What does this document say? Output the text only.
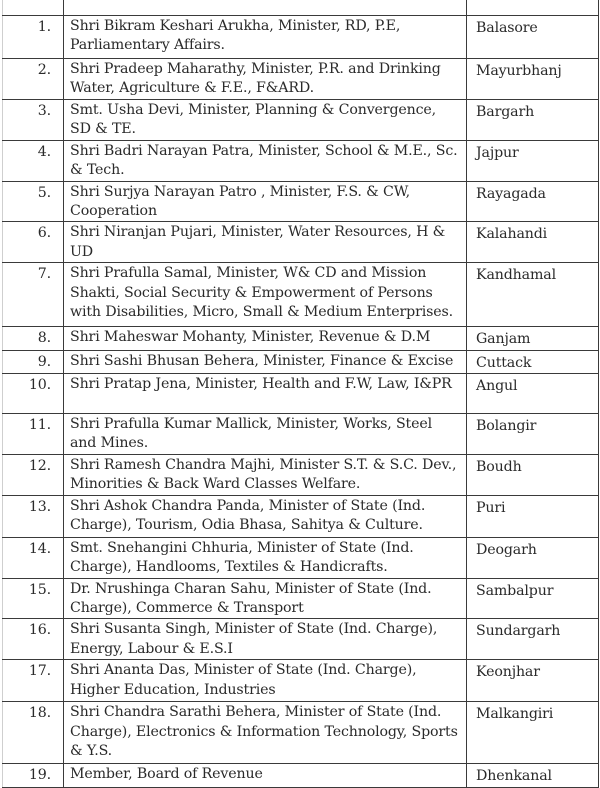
1.	Shri Bikram Keshari Arukha, Minister, RD, P.E, Parliamentary Affairs.	Balasore
2.	Shri Pradeep Maharathy, Minister, P.R. and Drinking Water, Agriculture & F.E., F&ARD.	Mayurbhanj
3.	Smt. Usha Devi, Minister, Planning & Convergence, SD & TE.	Bargarh
4.	Shri Badri Narayan Patra, Minister, School & M.E., Sc. & Tech.	Jajpur
5.	Shri Surjya Narayan Patro , Minister, F.S. & CW, Cooperation	Rayagada
6.	Shri Niranjan Pujari, Minister, Water Resources, H & UD	Kalahandi
7.	Shri Prafulla Samal, Minister, W& CD and Mission Shakti, Social Security & Empowerment of Persons with Disabilities, Micro, Small & Medium Enterprises.	Kandhamal
8.	Shri Maheswar Mohanty, Minister, Revenue & D.M	Ganjam
9.	Shri Sashi Bhusan Behera, Minister, Finance & Excise	Cuttack
10.	Shri Pratap Jena, Minister, Health and F.W, Law, I&PR	Angul
11.	Shri Prafulla Kumar Mallick, Minister, Works, Steel and Mines.	Bolangir
12.	Shri Ramesh Chandra Majhi, Minister S.T. & S.C. Dev., Minorities & Back Ward Classes Welfare.	Boudh
13.	Shri Ashok Chandra Panda, Minister of State (Ind. Charge), Tourism, Odia Bhasa, Sahitya & Culture.	Puri
14.	Smt. Snehangini Chhuria, Minister of State (Ind. Charge), Handlooms, Textiles & Handicrafts.	Deogarh
15.	Dr. Nrushinga Charan Sahu, Minister of State (Ind. Charge), Commerce & Transport	Sambalpur
16.	Shri Susanta Singh, Minister of State (Ind. Charge), Energy, Labour & E.S.I	Sundargarh
17.	Shri Ananta Das, Minister of State (Ind. Charge), Higher Education, Industries	Keonjhar
18.	Shri Chandra Sarathi Behera, Minister of State (Ind. Charge), Electronics & Information Technology, Sports & Y.S.	Malkangiri
19.	Member, Board of Revenue	Dhenkanal
